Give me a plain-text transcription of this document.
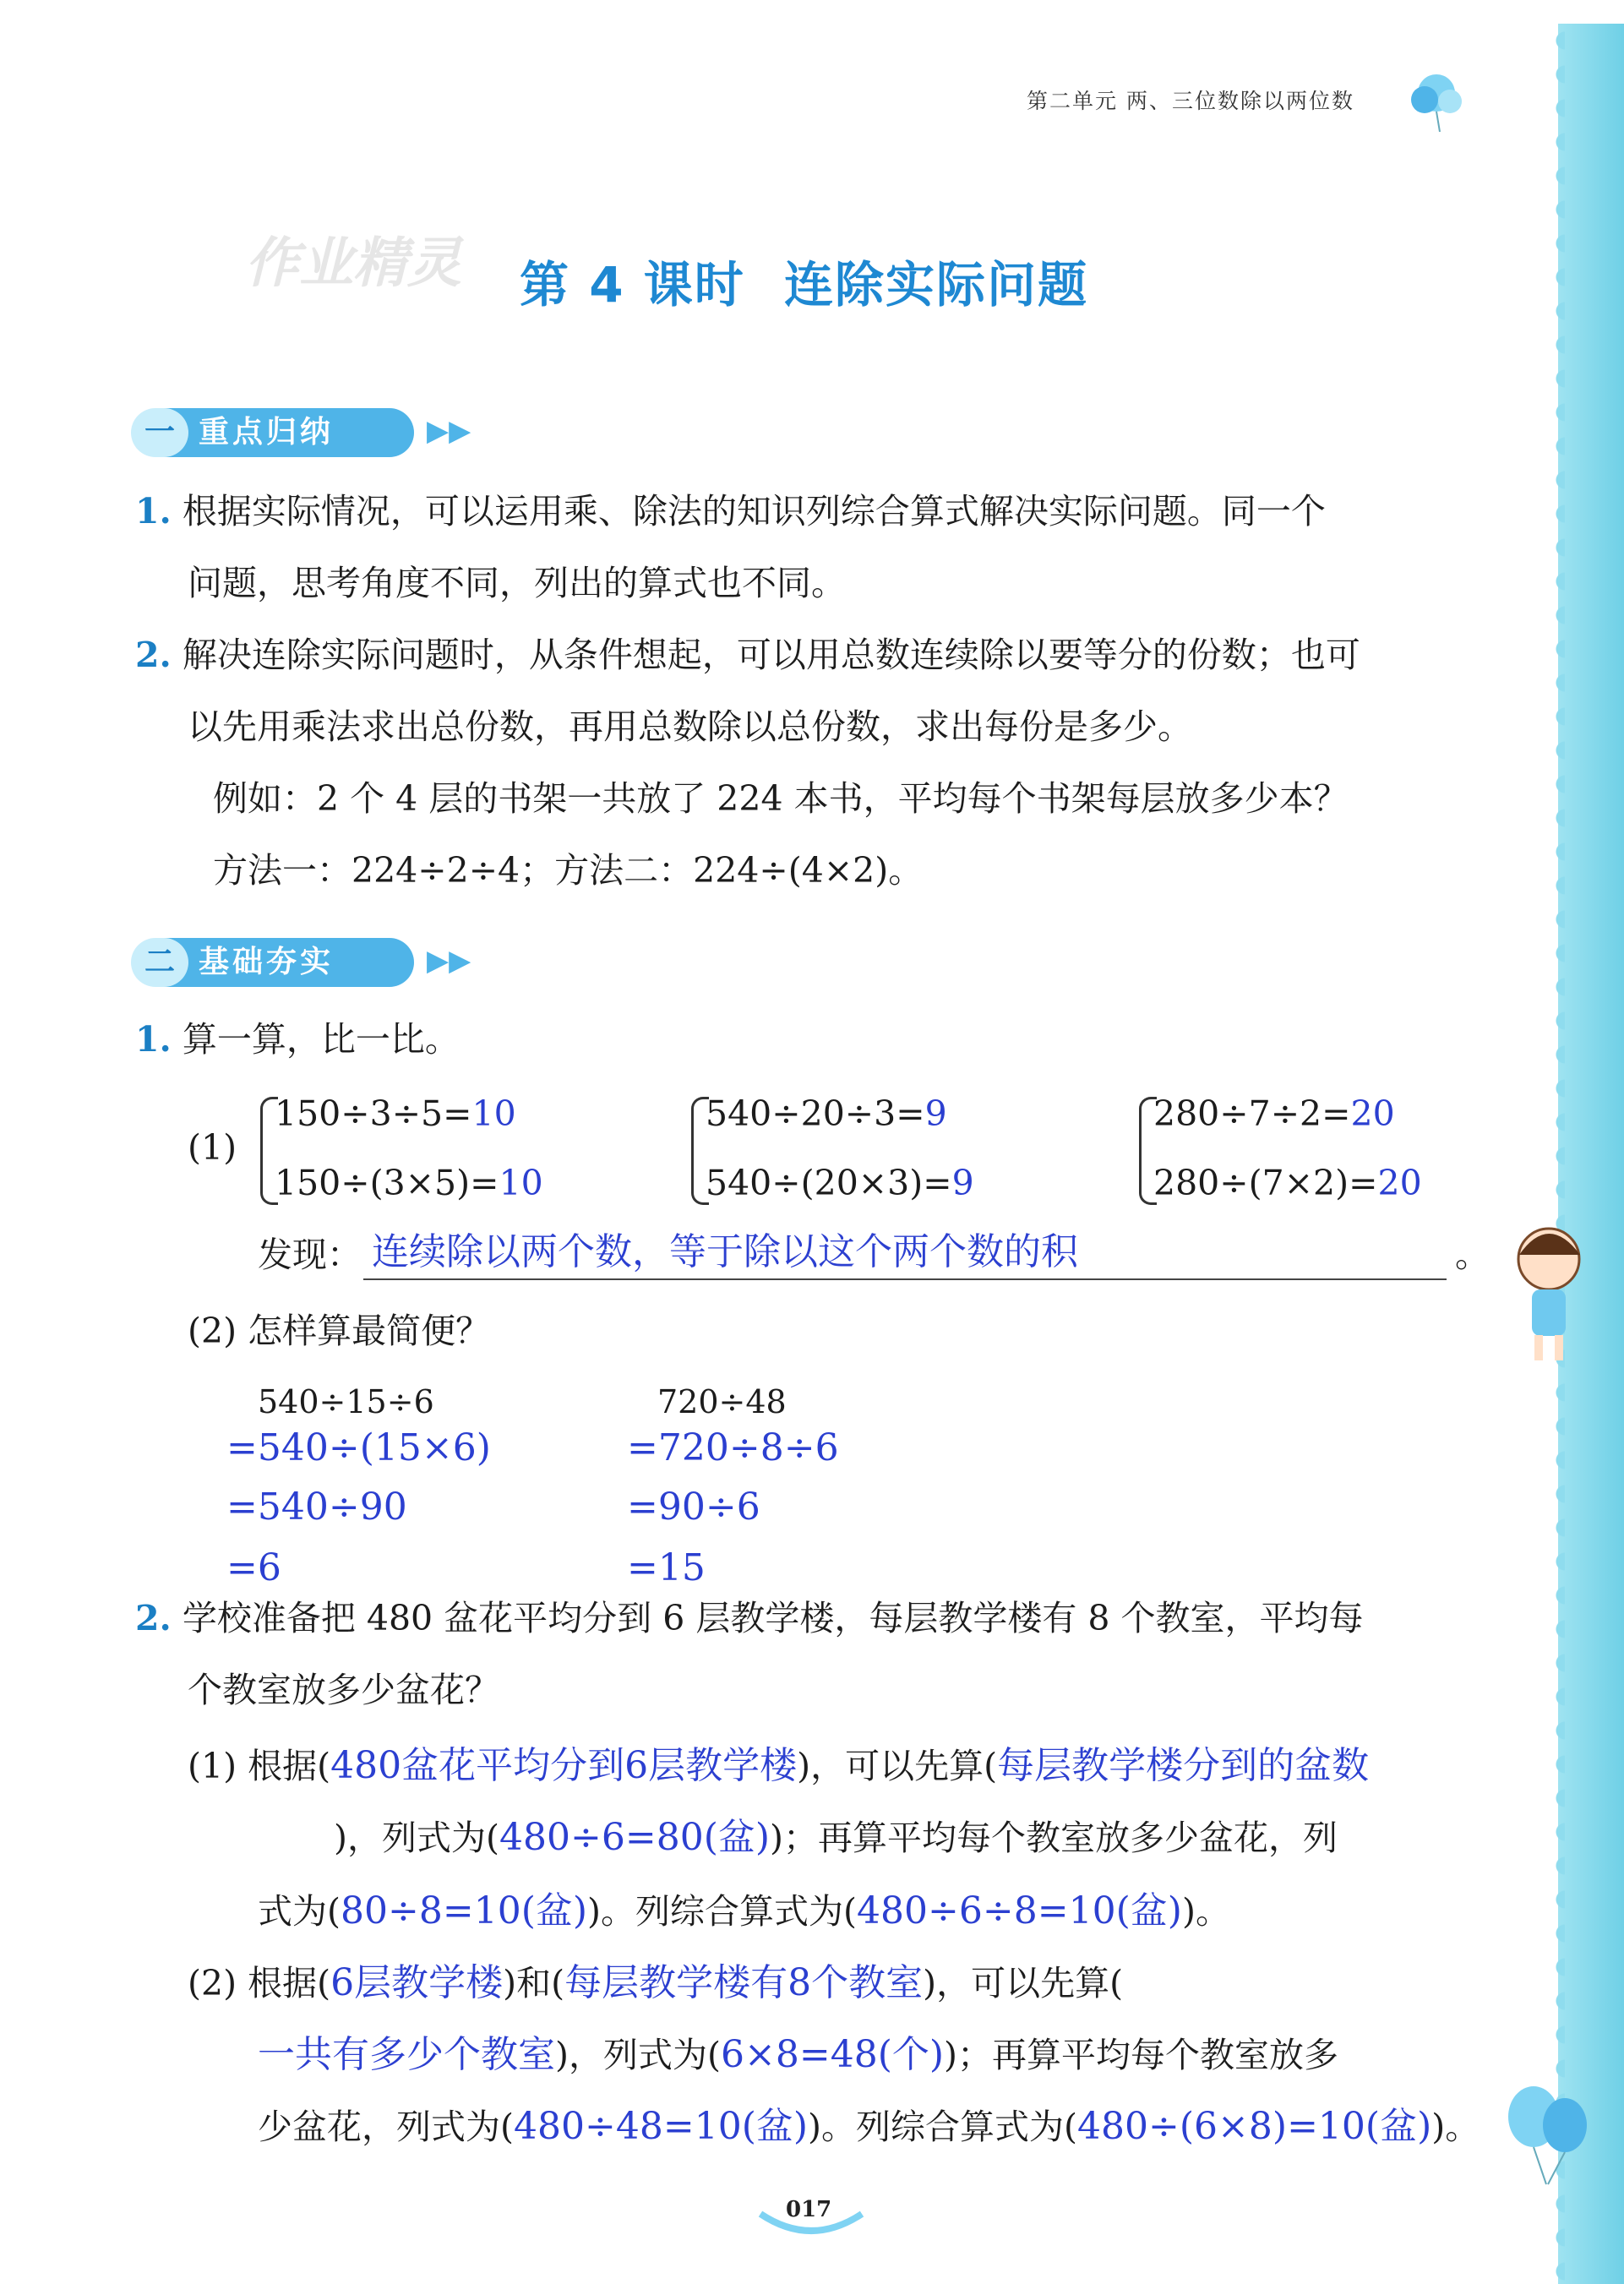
第二单元 两、三位数除以两位数
作业精灵 第 4 课时 连除实际问题
一 重点归纳	▶▶
1. 根据实际情况，可以运用乘、除法的知识列综合算式解决实际问题。同一个
问题，思考角度不同，列出的算式也不同。
2. 解决连除实际问题时，从条件想起，可以用总数连续除以要等分的份数；也可
以先用乘法求出总份数，再用总数除以总份数，求出每份是多少。
例如：2 个 4 层的书架一共放了 224 本书，平均每个书架每层放多少本？
方法一：224÷2÷4；方法二：224÷(4×2)。
二 基础夯实	▶▶
1. 算一算，比一比。
(1)
150÷3÷5=10
150÷(3×5)=10
540÷20÷3=9
540÷(20×3)=9
280÷7÷2=20
280÷(7×2)=20
发现： 连续除以两个数，等于除以这个两个数的积	。
(2) 怎样算最简便？
540÷15÷6
=540÷(15×6)
=540÷90
=6
720÷48
=720÷8÷6
=90÷6
=15
2. 学校准备把 480 盆花平均分到 6 层教学楼，每层教学楼有 8 个教室，平均每
个教室放多少盆花？
(1) 根据(480盆花平均分到6层教学楼)，可以先算(每层教学楼分到的盆数
)，列式为(480÷6=80(盆))；再算平均每个教室放多少盆花，列
式为(80÷8=10(盆))。列综合算式为(480÷6÷8=10(盆))。
(2) 根据(6层教学楼)和(每层教学楼有8个教室)，可以先算(
一共有多少个教室)，列式为(6×8=48(个))；再算平均每个教室放多
少盆花，列式为(480÷48=10(盆))。列综合算式为(480÷(6×8)=10(盆))。
017
